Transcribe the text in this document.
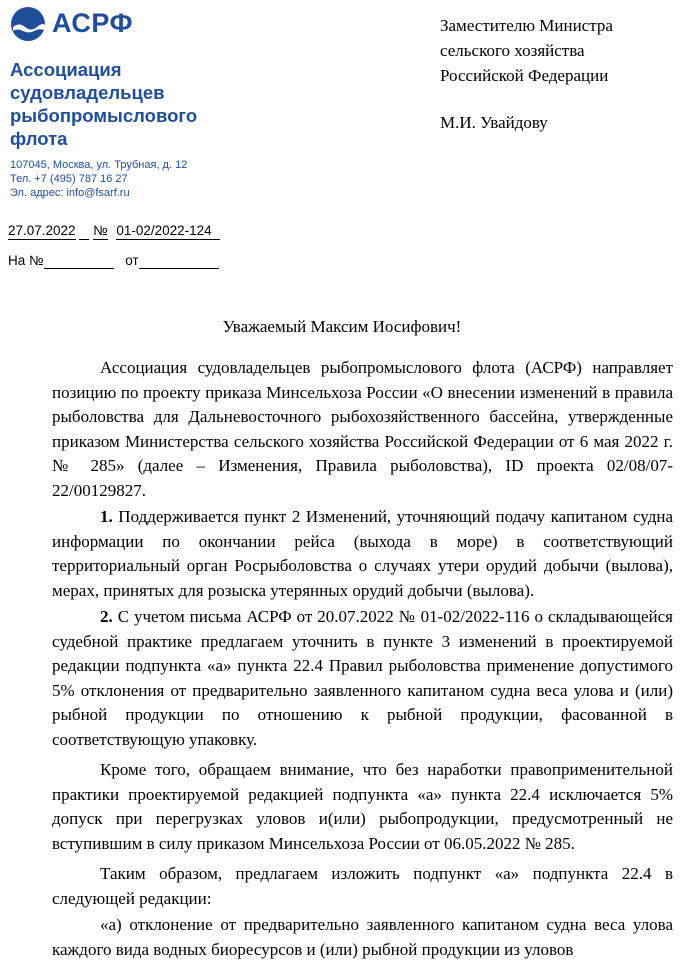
АСРФ
Ассоциация
судовладельцев
рыбопромыслового
флота
107045, Москва, ул. Трубная, д. 12
Тел. +7 (495) 787 16 27
Эл. адрес: info@fsarf.ru
27.07.2022 № 01-02/2022-124
На №	от
Заместителю Министра
сельского хозяйства
Российской Федерации
М.И. Увайдову
Уважаемый Максим Иосифович!

Ассоциация судовладельцев рыбопромыслового флота (АСРФ) направляет позицию по проекту приказа Минсельхоза России «О внесении изменений в правила рыболовства для Дальневосточного рыбохозяйственного бассейна, утвержденные приказом Министерства сельского хозяйства Российской Федерации от 6 мая 2022 г. № 285» (далее – Изменения, Правила рыболовства), ID проекта 02/08/07-22/00129827.

1. Поддерживается пункт 2 Изменений, уточняющий подачу капитаном судна информации по окончании рейса (выхода в море) в соответствующий территориальный орган Росрыболовства о случаях утери орудий добычи (вылова), мерах, принятых для розыска утерянных орудий добычи (вылова).

2. С учетом письма АСРФ от 20.07.2022 № 01-02/2022-116 о складывающейся судебной практике предлагаем уточнить в пункте 3 изменений в проектируемой редакции подпункта «а» пункта 22.4 Правил рыболовства применение допустимого 5% отклонения от предварительно заявленного капитаном судна веса улова и (или) рыбной продукции по отношению к рыбной продукции, фасованной в соответствующую упаковку.

Кроме того, обращаем внимание, что без наработки правоприменительной практики проектируемой редакцией подпункта «а» пункта 22.4 исключается 5% допуск при перегрузках уловов и(или) рыбопродукции, предусмотренный не вступившим в силу приказом Минсельхоза России от 06.05.2022 № 285.

Таким образом, предлагаем изложить подпункт «а» подпункта 22.4 в следующей редакции:

«а) отклонение от предварительно заявленного капитаном судна веса улова каждого вида водных биоресурсов и (или) рыбной продукции из уловов
